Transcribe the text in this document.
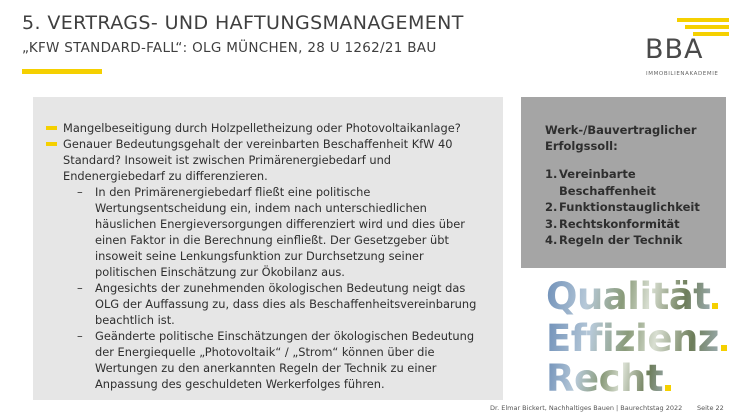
5. VERTRAGS- UND HAFTUNGSMANAGEMENT
„KFW STANDARD-FALL“: OLG MÜNCHEN, 28 U 1262/21 BAU	BBA
IMMOBILIENAKADEMIE
Mangelbeseitigung durch Holzpelletheizung oder Photovoltaikanlage?
Genauer Bedeutungsgehalt der vereinbarten Beschaffenheit KfW 40 Standard? Insoweit ist zwischen Primärenergiebedarf und Endenergiebedarf zu differenzieren.
– In den Primärenergiebedarf fließt eine politische Wertungsentscheidung ein, indem nach unterschiedlichen häuslichen Energieversorgungen differenziert wird und dies über einen Faktor in die Berechnung einfließt. Der Gesetzgeber übt insoweit seine Lenkungsfunktion zur Durchsetzung seiner politischen Einschätzung zur Ökobilanz aus.
– Angesichts der zunehmenden ökologischen Bedeutung neigt das OLG der Auffassung zu, dass dies als Beschaffenheitsvereinbarung beachtlich ist.
– Geänderte politische Einschätzungen der ökologischen Bedeutung der Energiequelle „Photovoltaik“ / „Strom“ können über die Wertungen zu den anerkannten Regeln der Technik zu einer Anpassung des geschuldeten Werkerfolges führen.
Werk-/Bauvertraglicher Erfolgssoll:
1. Vereinbarte Beschaffenheit
2. Funktionstauglichkeit
3. Rechtskonformität
4. Regeln der Technik
Qualität
Effizienz
Recht
Dr. Elmar Bickert, Nachhaltiges Bauen | Baurechtstag 2022 Seite 22
